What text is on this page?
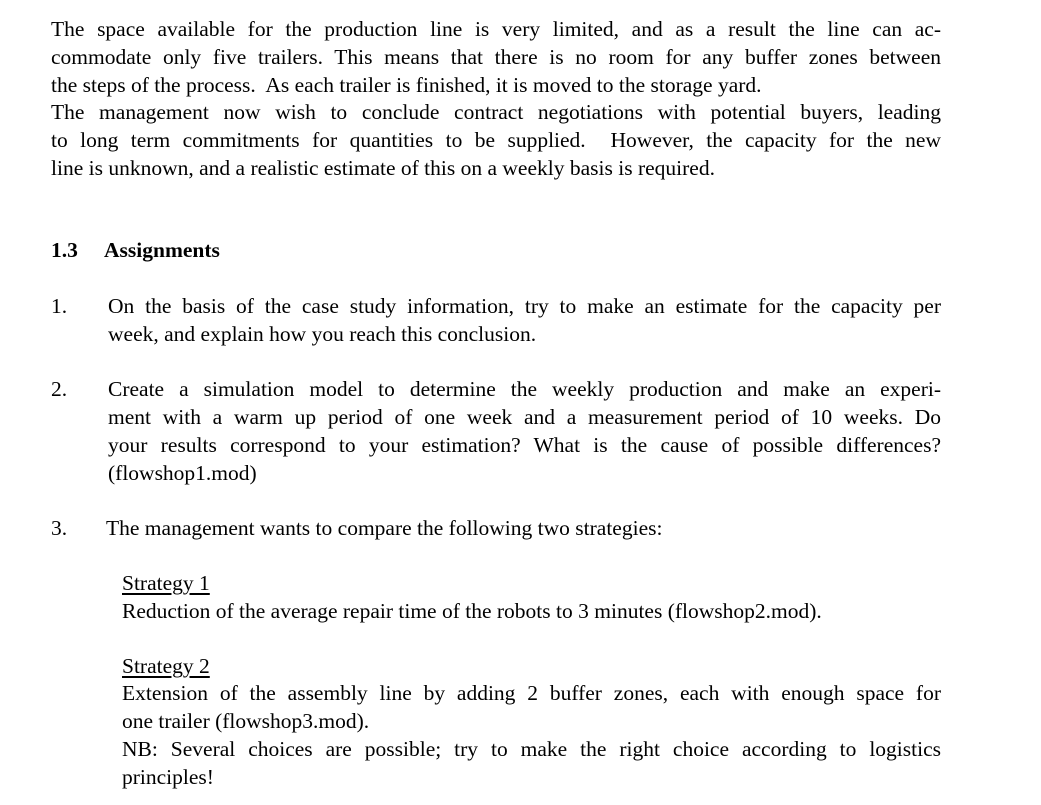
The space available for the production line is very limited, and as a result the line can ac-
commodate only five trailers. This means that there is no room for any buffer zones between
the steps of the process.  As each trailer is finished, it is moved to the storage yard.
The management now wish to conclude contract negotiations with potential buyers, leading
to long term commitments for quantities to be supplied.  However, the capacity for the new
line is unknown, and a realistic estimate of this on a weekly basis is required.
1.3 Assignments
1. On the basis of the case study information, try to make an estimate for the capacity per
week, and explain how you reach this conclusion.
2. Create a simulation model to determine the weekly production and make an experi-
ment with a warm up period of one week and a measurement period of 10 weeks. Do
your results correspond to your estimation? What is the cause of possible differences?
(flowshop1.mod)
3. The management wants to compare the following two strategies:
Strategy 1
Reduction of the average repair time of the robots to 3 minutes (flowshop2.mod).
Strategy 2
Extension of the assembly line by adding 2 buffer zones, each with enough space for
one trailer (flowshop3.mod).
NB: Several choices are possible; try to make the right choice according to logistics
principles!
